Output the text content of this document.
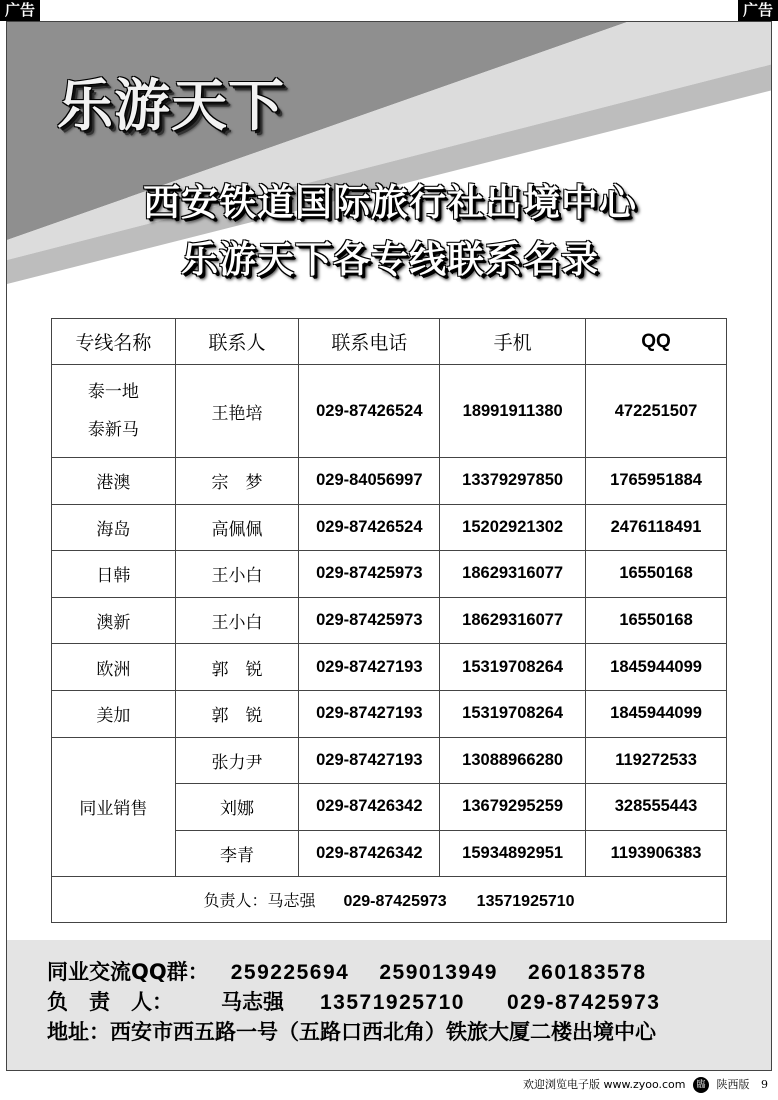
广告	广告
乐游天下
西安铁道国际旅行社出境中心
乐游天下各专线联系名录
专线名称	联系人	联系电话	手机	QQ

泰一地
泰新马	王艳培	029-87426524	18991911380	472251507
港澳	宗　梦	029-84056997	13379297850	1765951884
海岛	高佩佩	029-87426524	15202921302	2476118491
日韩	王小白	029-87425973	18629316077	16550168
澳新	王小白	029-87425973	18629316077	16550168
欧洲	郭　锐	029-87427193	15319708264	1845944099
美加	郭　锐	029-87427193	15319708264	1845944099
同业销售	张力尹	029-87427193	13088966280	119272533
	刘娜	029-87426342	13679295259	328555443
	李青	029-87426342	15934892951	1193906383
负责人：马志强 029-87425973 13571925710				
同业交流QQ群： 259225694 259013949 260183578
负　责　人： 马志强 13571925710 029-87425973
地址：西安市西五路一号（五路口西北角）铁旅大厦二楼出境中心
欢迎浏览电子版 www.zyoo.com 臨 陕西版 9
